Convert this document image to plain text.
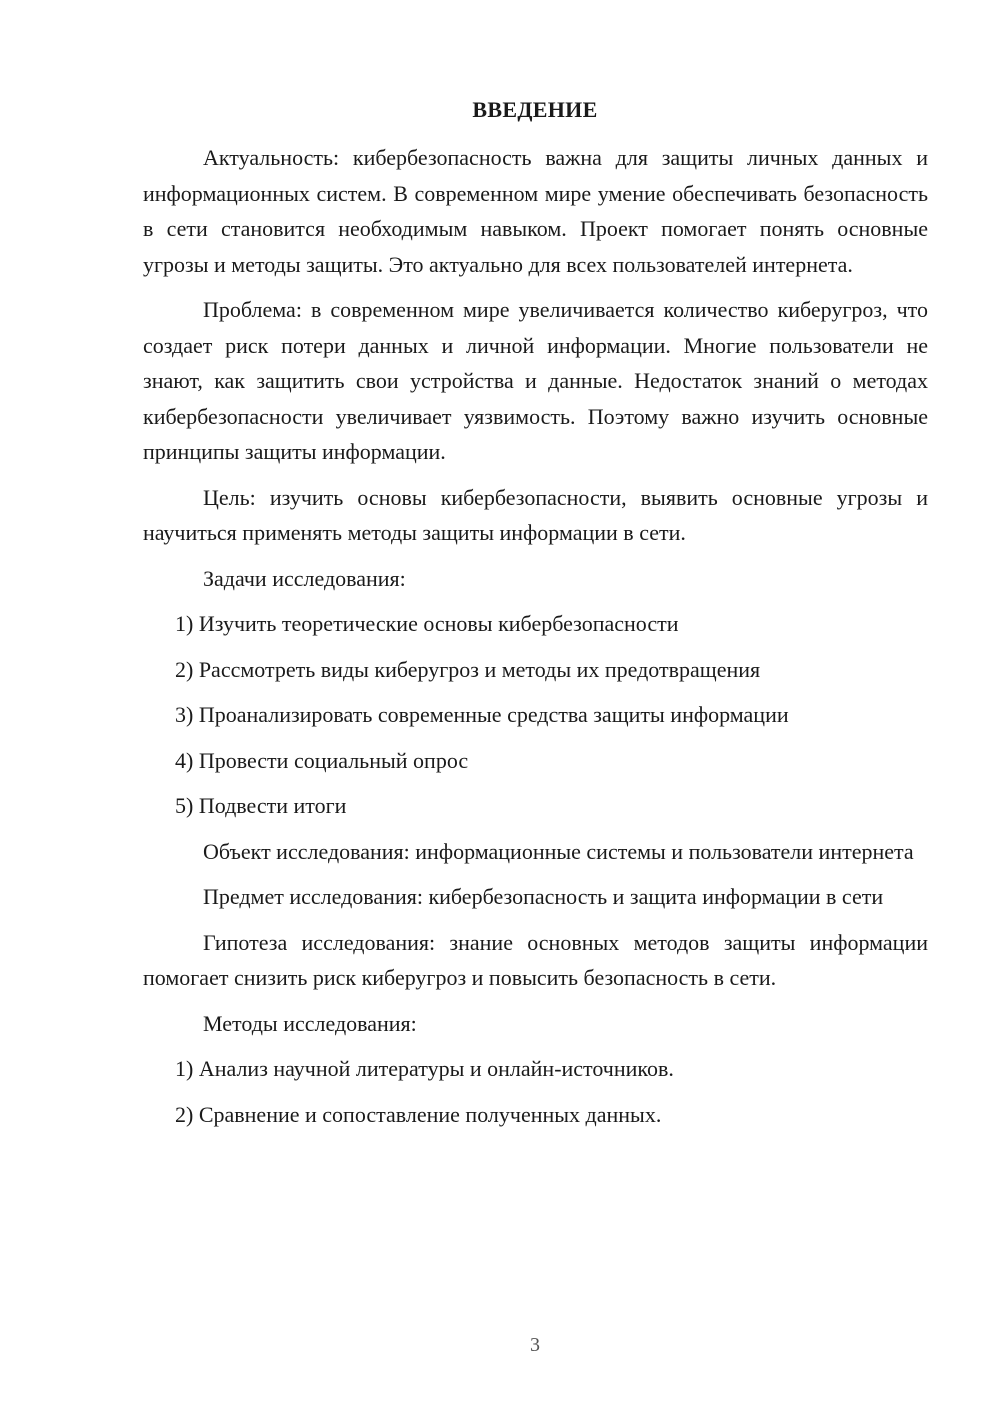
ВВЕДЕНИЕ

Актуальность: кибербезопасность важна для защиты личных данных и информационных систем. В современном мире умение обеспечивать безопасность в сети становится необходимым навыком. Проект помогает понять основные угрозы и методы защиты. Это актуально для всех пользователей интернета.

Проблема: в современном мире увеличивается количество киберугроз, что создает риск потери данных и личной информации. Многие пользователи не знают, как защитить свои устройства и данные. Недостаток знаний о методах кибербезопасности увеличивает уязвимость. Поэтому важно изучить основные принципы защиты информации.

Цель: изучить основы кибербезопасности, выявить основные угрозы и научиться применять методы защиты информации в сети.

Задачи исследования:

1) Изучить теоретические основы кибербезопасности
2) Рассмотреть виды киберугроз и методы их предотвращения
3) Проанализировать современные средства защиты информации
4) Провести социальный опрос
5) Подвести итоги

Объект исследования: информационные системы и пользователи интернета

Предмет исследования: кибербезопасность и защита информации в сети

Гипотеза исследования: знание основных методов защиты информации помогает снизить риск киберугроз и повысить безопасность в сети.

Методы исследования:

1) Анализ научной литературы и онлайн-источников.
2) Сравнение и сопоставление полученных данных.
3
